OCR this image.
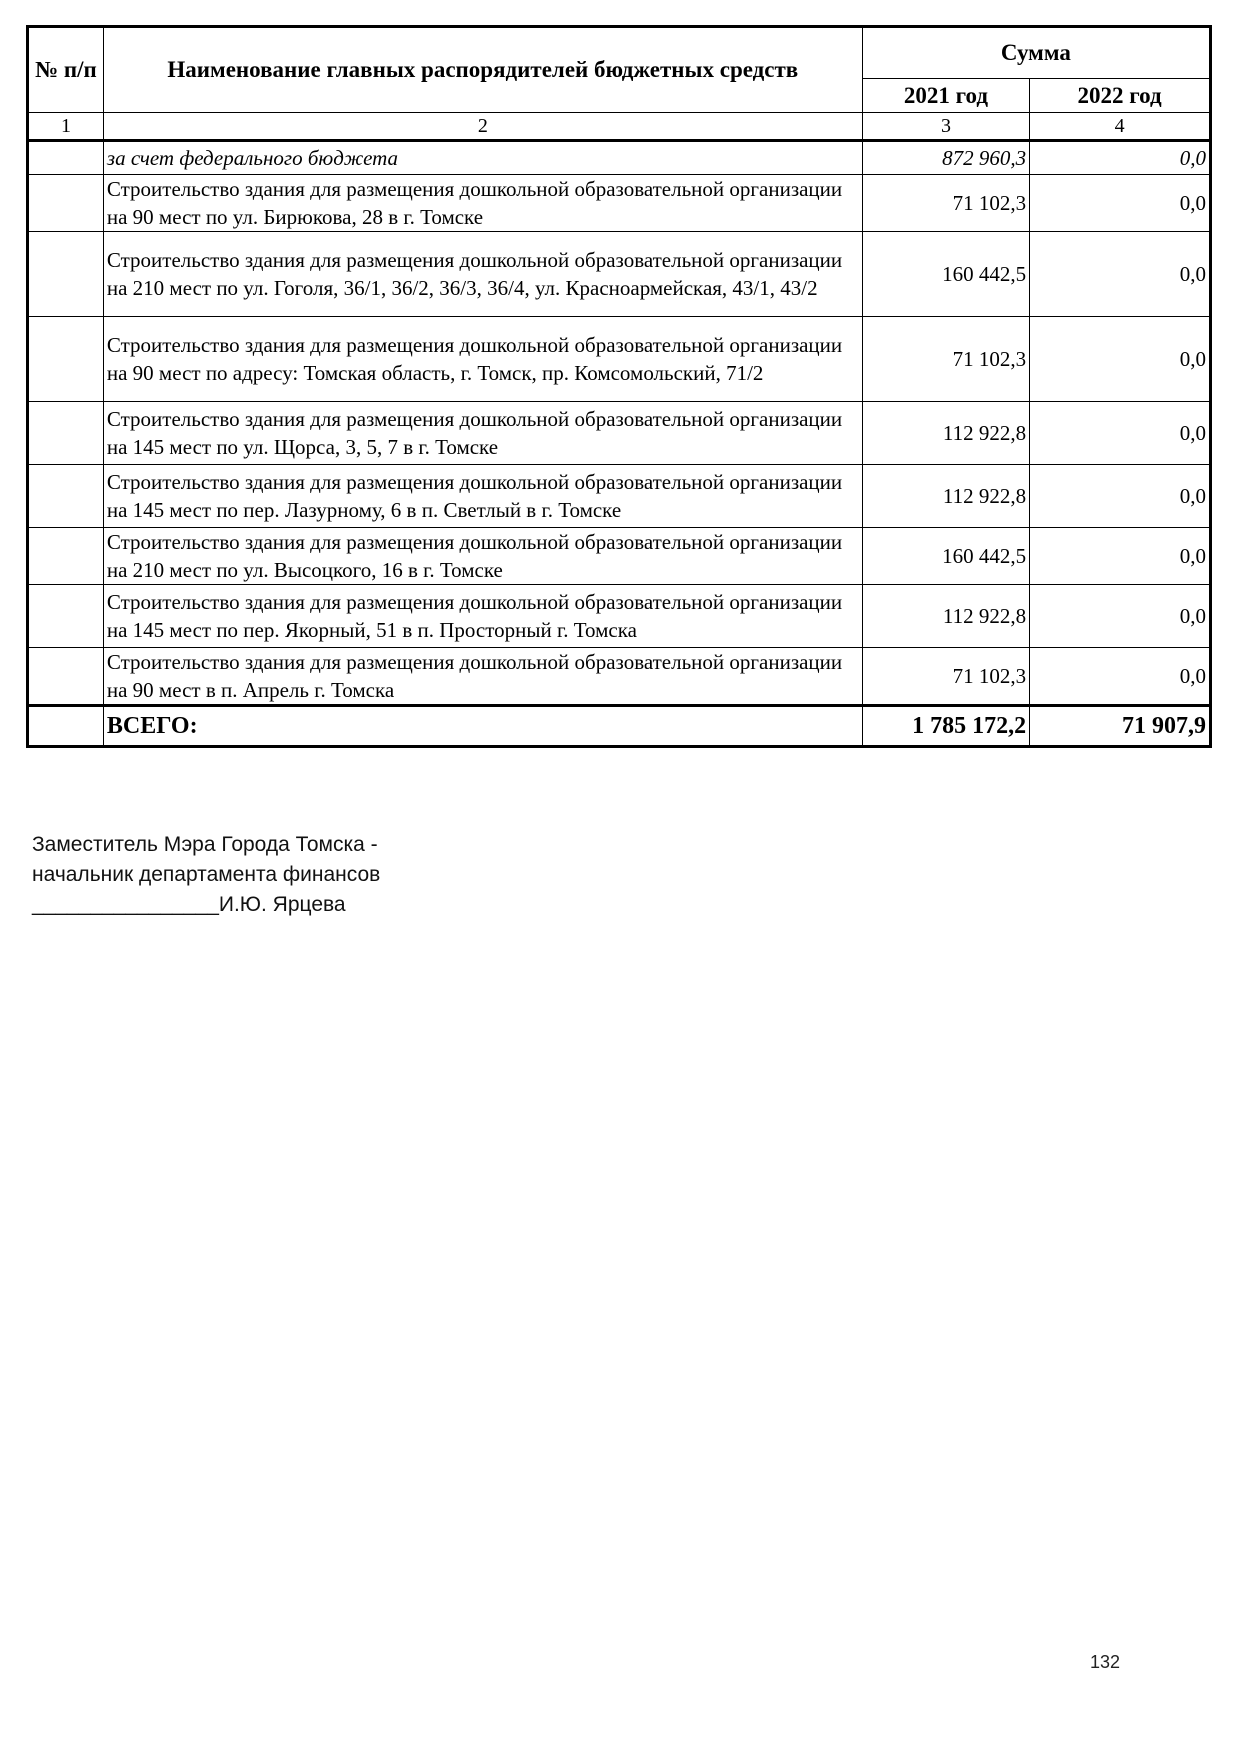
№ п/п	Наименование главных распорядителей бюджетных средств	Сумма	
		2021 год	2022 год
1	2	3	4
	за счет федерального бюджета	872 960,3	0,0
	Строительство здания для размещения дошкольной образовательной организации на 90 мест по ул. Бирюкова, 28 в г. Томске	71 102,3	0,0
	Строительство здания для размещения дошкольной образовательной организации на 210 мест по ул. Гоголя, 36/1, 36/2, 36/3, 36/4, ул. Красноармейская, 43/1, 43/2	160 442,5	0,0
	Строительство здания для размещения дошкольной образовательной организации на 90 мест по адресу: Томская область, г. Томск, пр. Комсомольский, 71/2	71 102,3	0,0
	Строительство здания для размещения дошкольной образовательной организации на 145 мест по ул. Щорса, 3, 5, 7 в г. Томске	112 922,8	0,0
	Строительство здания для размещения дошкольной образовательной организации на 145 мест по пер. Лазурному, 6 в п. Светлый в г. Томске	112 922,8	0,0
	Строительство здания для размещения дошкольной образовательной организации на 210 мест по ул. Высоцкого, 16 в г. Томске	160 442,5	0,0
	Строительство здания для размещения дошкольной образовательной организации на 145 мест по пер. Якорный, 51 в п. Просторный г. Томска	112 922,8	0,0
	Строительство здания для размещения дошкольной образовательной организации на 90 мест в п. Апрель г. Томска	71 102,3	0,0
	ВСЕГО:	1 785 172,2	71 907,9
Заместитель Мэра Города Томска -
начальник департамента финансов
________________И.Ю. Ярцева
132
